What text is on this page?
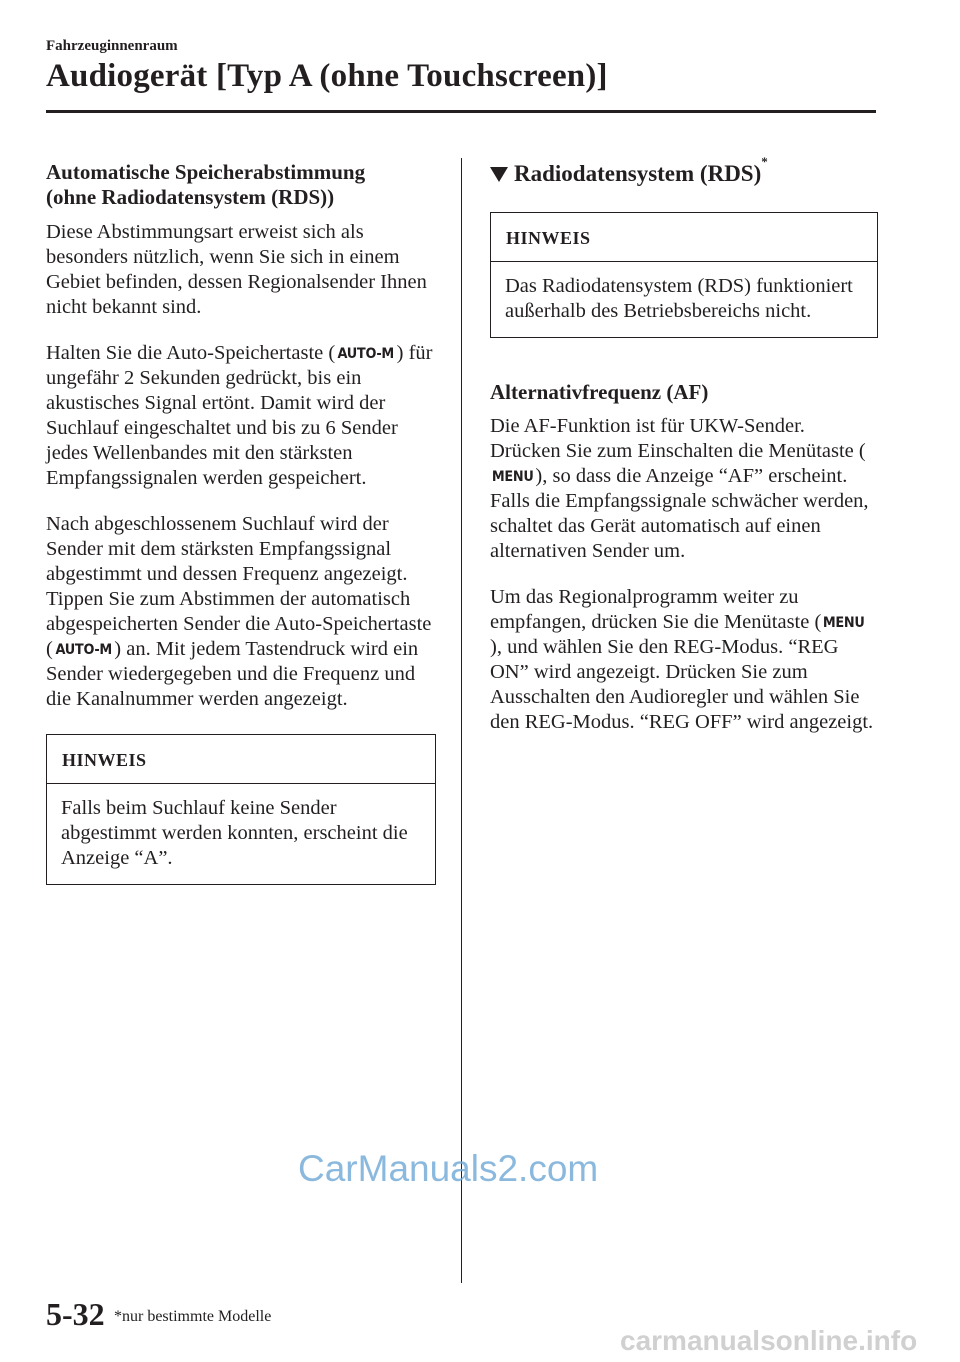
Fahrzeuginnenraum
Audiogerät [Typ A (ohne Touchscreen)]

Automatische Speicherabstimmung
(ohne Radiodatensystem (RDS))

Diese Abstimmungsart erweist sich als besonders nützlich, wenn Sie sich in einem Gebiet befinden, dessen Regionalsender Ihnen nicht bekannt sind.

Halten Sie die Auto-Speichertaste ( AUTO-M ) für ungefähr 2 Sekunden gedrückt, bis ein akustisches Signal ertönt. Damit wird der Suchlauf eingeschaltet und bis zu 6 Sender jedes Wellenbandes mit den stärksten Empfangssignalen werden gespeichert.

Nach abgeschlossenem Suchlauf wird der Sender mit dem stärksten Empfangssignal abgestimmt und dessen Frequenz angezeigt. Tippen Sie zum Abstimmen der automatisch abgespeicherten Sender die Auto-Speichertaste ( AUTO-M ) an. Mit jedem Tastendruck wird ein Sender wiedergegeben und die Frequenz und die Kanalnummer werden angezeigt.

HINWEIS
Falls beim Suchlauf keine Sender abgestimmt werden konnten, erscheint die Anzeige “A”.
Radiodatensystem (RDS) *
HINWEIS
Das Radiodatensystem (RDS) funktioniert außerhalb des Betriebsbereichs nicht.

Alternativfrequenz (AF)

Die AF-Funktion ist für UKW-Sender. Drücken Sie zum Einschalten die Menütaste (MENU), so dass die Anzeige “AF” erscheint. Falls die Empfangssignale schwächer werden, schaltet das Gerät automatisch auf einen alternativen Sender um.

Um das Regionalprogramm weiter zu empfangen, drücken Sie die Menütaste ( MENU), und wählen Sie den REG-Modus. “REG ON” wird angezeigt. Drücken Sie zum Ausschalten den Audioregler und wählen Sie den REG-Modus. “REG OFF” wird angezeigt.

CarManuals2.com
5-32 *nur bestimmte Modelle
carmanualsonline.info
